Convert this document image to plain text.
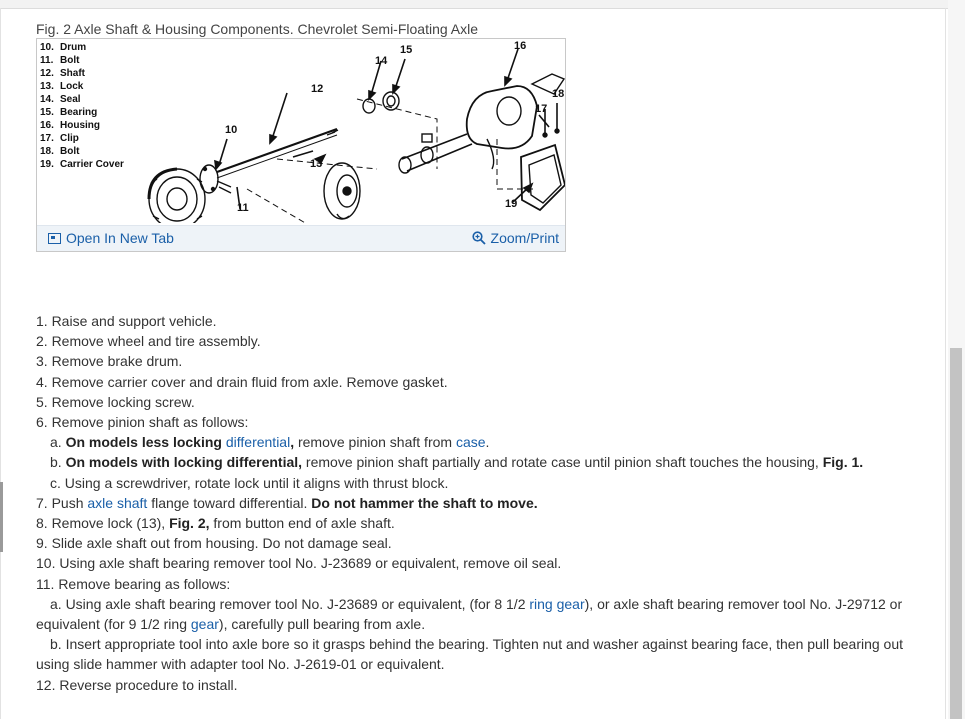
Fig. 2 Axle Shaft & Housing Components. Chevrolet Semi-Floating Axle
10. Drum
11. Bolt
12. Shaft
13. Lock
14. Seal
15. Bearing
16. Housing
17. Clip
18. Bolt
19. Carrier Cover
10
11
12
13
14
15	16
17
18
19
Open In New Tab	Zoom/Print

1. Raise and support vehicle.

2. Remove wheel and tire assembly.

3. Remove brake drum.

4. Remove carrier cover and drain fluid from axle. Remove gasket.

5. Remove locking screw.

6. Remove pinion shaft as follows:

a. On models less locking differential, remove pinion shaft from case.

b. On models with locking differential, remove pinion shaft partially and rotate case until pinion shaft touches the housing, Fig. 1.

c. Using a screwdriver, rotate lock until it aligns with thrust block.

7. Push axle shaft flange toward differential. Do not hammer the shaft to move.

8. Remove lock (13), Fig. 2, from button end of axle shaft.

9. Slide axle shaft out from housing. Do not damage seal.

10. Using axle shaft bearing remover tool No. J-23689 or equivalent, remove oil seal.

11. Remove bearing as follows:

a. Using axle shaft bearing remover tool No. J-23689 or equivalent, (for 8 1/2 ring gear), or axle shaft bearing remover tool No. J-29712 or

equivalent (for 9 1/2 ring gear), carefully pull bearing from axle.

b. Insert appropriate tool into axle bore so it grasps behind the bearing. Tighten nut and washer against bearing face, then pull bearing out

using slide hammer with adapter tool No. J-2619-01 or equivalent.

12. Reverse procedure to install.
